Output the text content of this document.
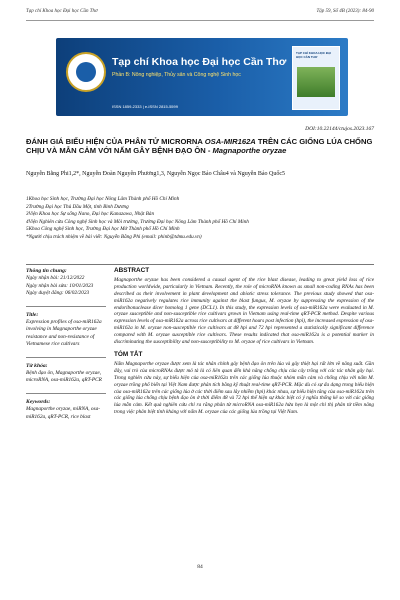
Tạp chí Khoa học Đại học Cần Thơ	Tập 59, Số 4B (2023): 84-90
Tạp chí Khoa học Đại học Cần Thơ
Phần B: Nông nghiệp, Thủy sản và Công nghệ Sinh học
ISSN 1859-2333 | e-ISSN 2815-5599
TẠP CHÍ KHOA HỌC ĐẠI HỌC CẦN THƠ
DOI:10.22144/ctujos.2023.167
ĐÁNH GIÁ BIỂU HIỆN CỦA PHÂN TỬ MICRORNA OSA-MIR162A TRÊN CÁC GIỐNG LÚA CHỐNG CHỊU VÀ MẪN CẢM VỚI NẤM GÂY BỆNH ĐẠO ÔN - Magnaporthe oryzae
Nguyễn Bằng Phi1,2*, Nguyễn Đoàn Nguyên Phương1,3, Nguyễn Ngọc Bảo Châu4 và Nguyễn Bảo Quốc5
1Khoa học Sinh học, Trường Đại học Nông Lâm Thành phố Hồ Chí Minh
2Trường Đại học Thủ Dầu Một, tỉnh Bình Dương
3Viện Khoa học Sự sống Nano, Đại học Kanazawa, Nhật Bản
4Viện Nghiên cứu Công nghệ Sinh học và Môi trường, Trường Đại học Nông Lâm Thành phố Hồ Chí Minh
5Khoa Công nghệ Sinh học, Trường Đại học Mở Thành phố Hồ Chí Minh
*Người chịu trách nhiệm về bài viết: Nguyễn Bằng Phi (email: phinb@tdmu.edu.vn)
Thông tin chung:

Ngày nhận bài: 21/12/2022

Ngày nhận bài sửa: 10/01/2023

Ngày duyệt đăng: 06/02/2023

Title:

Expression profiles of osa-miR162a involving in Magnaporthe oryzae resistance and non-resistance of Vietnamese rice cultivars

Từ khóa:

Bệnh đạo ôn, Magnaporthe oryzae, microRNA, osa-miR162a, qRT-PCR

Keywords:

Magnaporthe oryzae, miRNA, osa-miR162a, qRT-PCR, rice blast

ABSTRACT

Magnaporthe oryzae has been considered a causal agent of the rice blast disease, leading to great yield loss of rice production worldwide, particularly in Vietnam. Recently, the role of microRNA known as small non-coding RNAs has been described as their involvement in plant development and abiotic stress tolerance. The previous study showed that osa-miR162a negatively regulates rice immunity against the blast fungus, M. oryzae by suppressing the expression of the endoribonuclease dicer homolog 1 gene (DCL1). In this study, the expression levels of osa-miR162a were evaluated in M. oryzae susceptible and non-susceptible rice cultivars grown in Vietnam using real-time qRT-PCR method. Despite various expression levels of osa-miR162a across rice cultivars at different hours post infection (hpi), the increased expression of osa-miR162a in M. oryzae non-susceptible rice cultivars at 48 hpi and 72 hpi represented a statistically significant difference compared with M. oryzae susceptible rice cultivars. These results indicated that osa-miR162a is a potential marker in discriminating the susceptibility and non-susceptibility to M. oryzae of rice cultivars in Vietnam.

TÓM TẮT

Nấm Magnaporthe oryzae được xem là tác nhân chính gây bệnh đạo ôn trên lúa và gây thiệt hại rất lớn về năng suất. Gần đây, vai trò của microRNAs được mô tả là có liên quan đến khả năng chống chịu của cây trồng với các tác nhân gây hại. Trong nghiên cứu này, sự biểu hiện của osa-miR162a trên các giống lúa thuộc nhóm mẫn cảm và chống chịu với nấm M. oryzae trồng phổ biến tại Việt Nam được phân tích bằng kỹ thuật real-time qRT-PCR. Mặc dù có sự đa dạng trong biểu hiện của osa-miR162a trên các giống lúa ở các thời điểm sau lây nhiễm (hpi) khác nhau, sự biểu hiện tăng của osa-miR162a trên các giống lúa chống chịu bệnh đạo ôn ở thời điểm 48 và 72 hpi thể hiện sự khác biệt có ý nghĩa thống kê so với các giống lúa mẫn cảm. Kết quả nghiên cứu chỉ ra rằng phân tử microRNA osa-miR162a hứa hẹn là một chỉ thị phân tử tiềm năng trong việc phân biệt tính kháng với nấm M. oryzae của các giống lúa trồng tại Việt Nam.

84
